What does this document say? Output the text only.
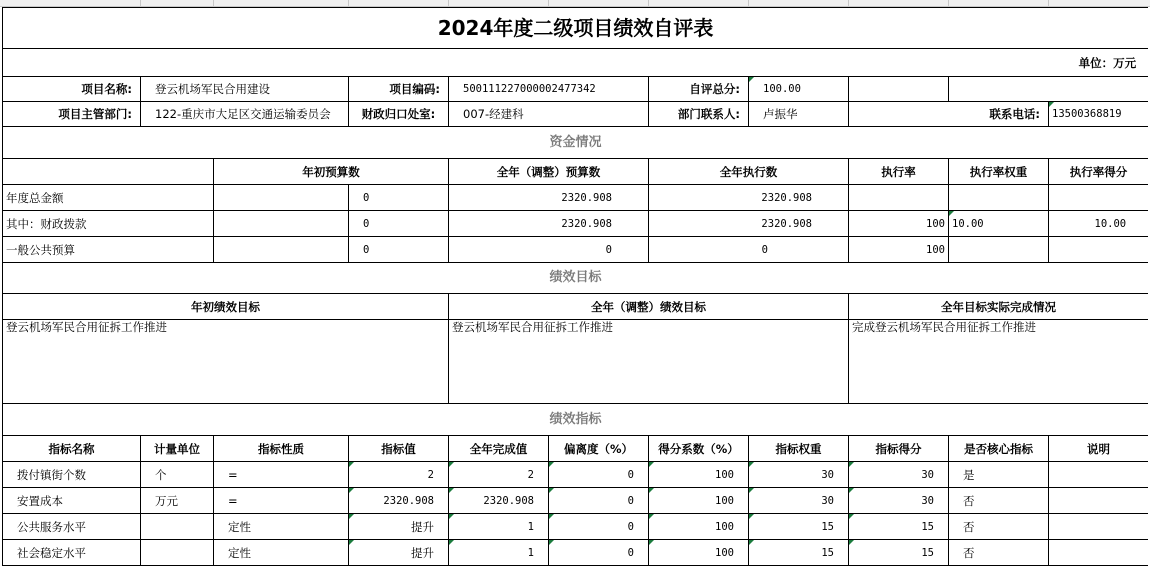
2024年度二级项目绩效自评表										
单位：万元										
项目名称:	登云机场军民合用建设		项目编码:	500111227000002477342		自评总分:	100.00			
项目主管部门:	122-重庆市大足区交通运输委员会		财政归口处室:	007-经建科		部门联系人:	卢振华	联系电话:		13500368819
资金情况										
		年初预算数		全年（调整）预算数		全年执行数		执行率	执行率权重	执行率得分
年度总金额			0	2320.908		2320.908				
其中：财政拨款			0	2320.908		2320.908		100	10.00	10.00
一般公共预算			0	0		0		100		
绩效目标										
年初绩效目标				全年（调整）绩效目标				全年目标实际完成情况		
登云机场军民合用征拆工作推进				登云机场军民合用征拆工作推进				完成登云机场军民合用征拆工作推进		
绩效指标										
指标名称	计量单位	指标性质	指标值	全年完成值	偏离度（%）	得分系数（%）	指标权重	指标得分	是否核心指标	说明
拨付镇街个数	个	=	2	2	0	100	30	30	是	
安置成本	万元	=	2320.908	2320.908	0	100	30	30	否	
公共服务水平		定性	提升	1	0	100	15	15	否	
社会稳定水平		定性	提升	1	0	100	15	15	否	
